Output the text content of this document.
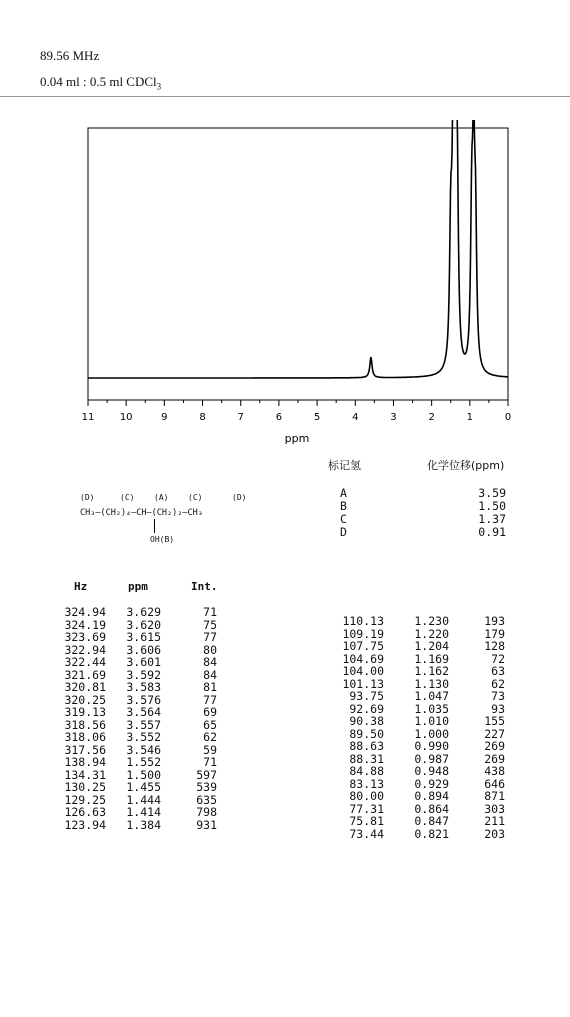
89.56 MHz
0.04 ml : 0.5 ml CDCl$_3$
11	10	9	8	7	6	5	4	3	2	1	0
ppm
(D)	(C) (A) (C)	(D)
CH₃—(CH₂)₄—CH—(CH₂)₂—CH₃
OH(B)
标记氢	化学位移(ppm)
A	3.59
B	1.50
C	1.37
D	0.91
Hz	ppm	Int.
324.94	3.629	71
324.19	3.620	75
323.69	3.615	77
322.94	3.606	80
322.44	3.601	84
321.69	3.592	84
320.81	3.583	81
320.25	3.576	77
319.13	3.564	69
318.56	3.557	65
318.06	3.552	62
317.56	3.546	59
138.94	1.552	71
134.31	1.500	597
130.25	1.455	539
129.25	1.444	635
126.63	1.414	798
123.94	1.384	931
110.13	1.230	193
109.19	1.220	179
107.75	1.204	128
104.69	1.169	72
104.00	1.162	63
101.13	1.130	62
93.75	1.047	73
92.69	1.035	93
90.38	1.010	155
89.50	1.000	227
88.63	0.990	269
88.31	0.987	269
84.88	0.948	438
83.13	0.929	646
80.00	0.894	871
77.31	0.864	303
75.81	0.847	211
73.44	0.821	203
